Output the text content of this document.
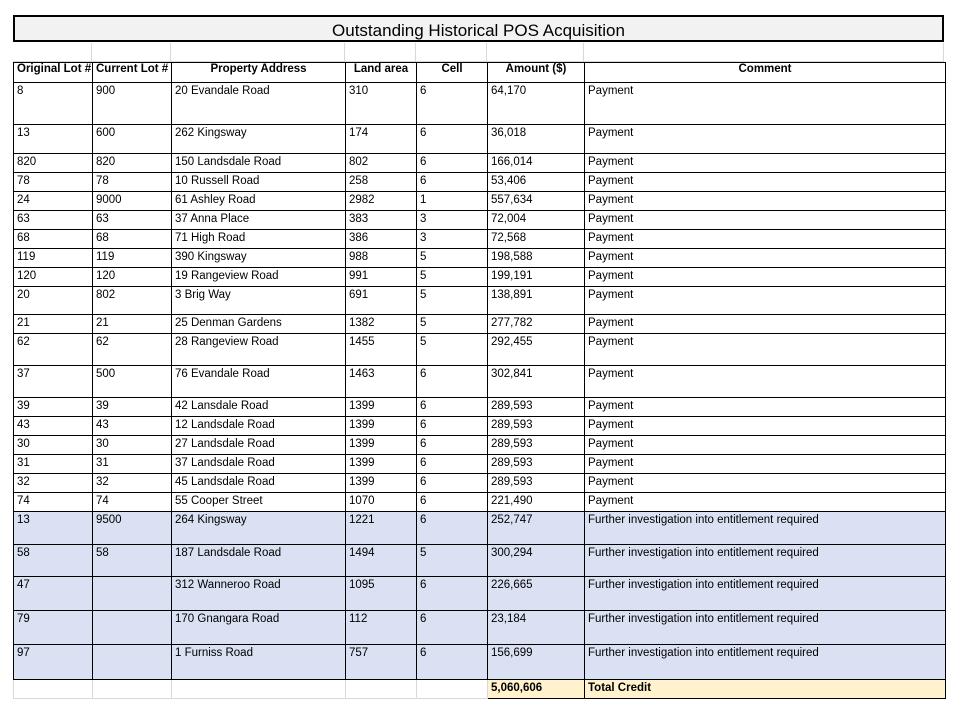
Outstanding Historical POS Acquisition
Original Lot #	Current Lot #	Property Address	Land area	Cell	Amount ($)	Comment
8	900	20 Evandale Road	310	6	64,170	Payment
13	600	262 Kingsway	174	6	36,018	Payment
820	820	150 Landsdale Road	802	6	166,014	Payment
78	78	10 Russell Road	258	6	53,406	Payment
24	9000	61 Ashley Road	2982	1	557,634	Payment
63	63	37 Anna Place	383	3	72,004	Payment
68	68	71 High Road	386	3	72,568	Payment
119	119	390 Kingsway	988	5	198,588	Payment
120	120	19 Rangeview Road	991	5	199,191	Payment
20	802	3 Brig Way	691	5	138,891	Payment
21	21	25 Denman Gardens	1382	5	277,782	Payment
62	62	28 Rangeview Road	1455	5	292,455	Payment
37	500	76 Evandale Road	1463	6	302,841	Payment
39	39	42 Lansdale Road	1399	6	289,593	Payment
43	43	12 Landsdale Road	1399	6	289,593	Payment
30	30	27 Landsdale Road	1399	6	289,593	Payment
31	31	37 Landsdale Road	1399	6	289,593	Payment
32	32	45 Landsdale Road	1399	6	289,593	Payment
74	74	55 Cooper Street	1070	6	221,490	Payment
13	9500	264 Kingsway	1221	6	252,747	Further investigation into entitlement required
58	58	187 Landsdale Road	1494	5	300,294	Further investigation into entitlement required
47		312 Wanneroo Road	1095	6	226,665	Further investigation into entitlement required
79		170 Gnangara Road	112	6	23,184	Further investigation into entitlement required
97		1 Furniss Road	757	6	156,699	Further investigation into entitlement required
					5,060,606	Total Credit
